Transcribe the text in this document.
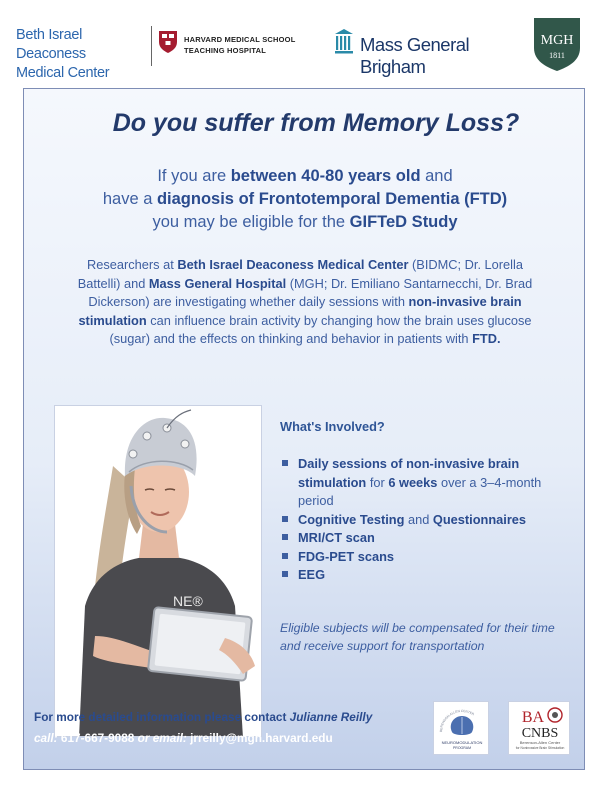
Beth Israel Deaconess
Medical Center
HARVARD MEDICAL SCHOOL
TEACHING HOSPITAL	Mass General Brigham
MGH
1811
Do you suffer from Memory Loss?
If you are between 40-80 years old and
have a diagnosis of Frontotemporal Dementia (FTD)
you may be eligible for the GIFTeD Study

Researchers at Beth Israel Deaconess Medical Center (BIDMC; Dr. Lorella Battelli) and Mass General Hospital (MGH; Dr. Emiliano Santarnecchi, Dr. Brad Dickerson) are investigating whether daily sessions with non-invasive brain stimulation can influence brain activity by changing how the brain uses glucose (sugar) and the effects on thinking and behavior in patients with FTD.

NE®
What's Involved?
Daily sessions of non-invasive brain stimulation for 6 weeks over a 3–4-month period
Cognitive Testing and Questionnaires
MRI/CT scan
FDG-PET scans
EEG

Eligible subjects will be compensated for their time and receive support for transportation

For more detailed information please contact Julianne Reilly
call: 617-667-9088 or email: jrreilly@mgh.harvard.edu
BERENSON-ALLEN CENTER
NEUROMODULATION
PROGRAM
BA
CNBS
Berenson-Allen Center
for Noninvasive Brain Stimulation
